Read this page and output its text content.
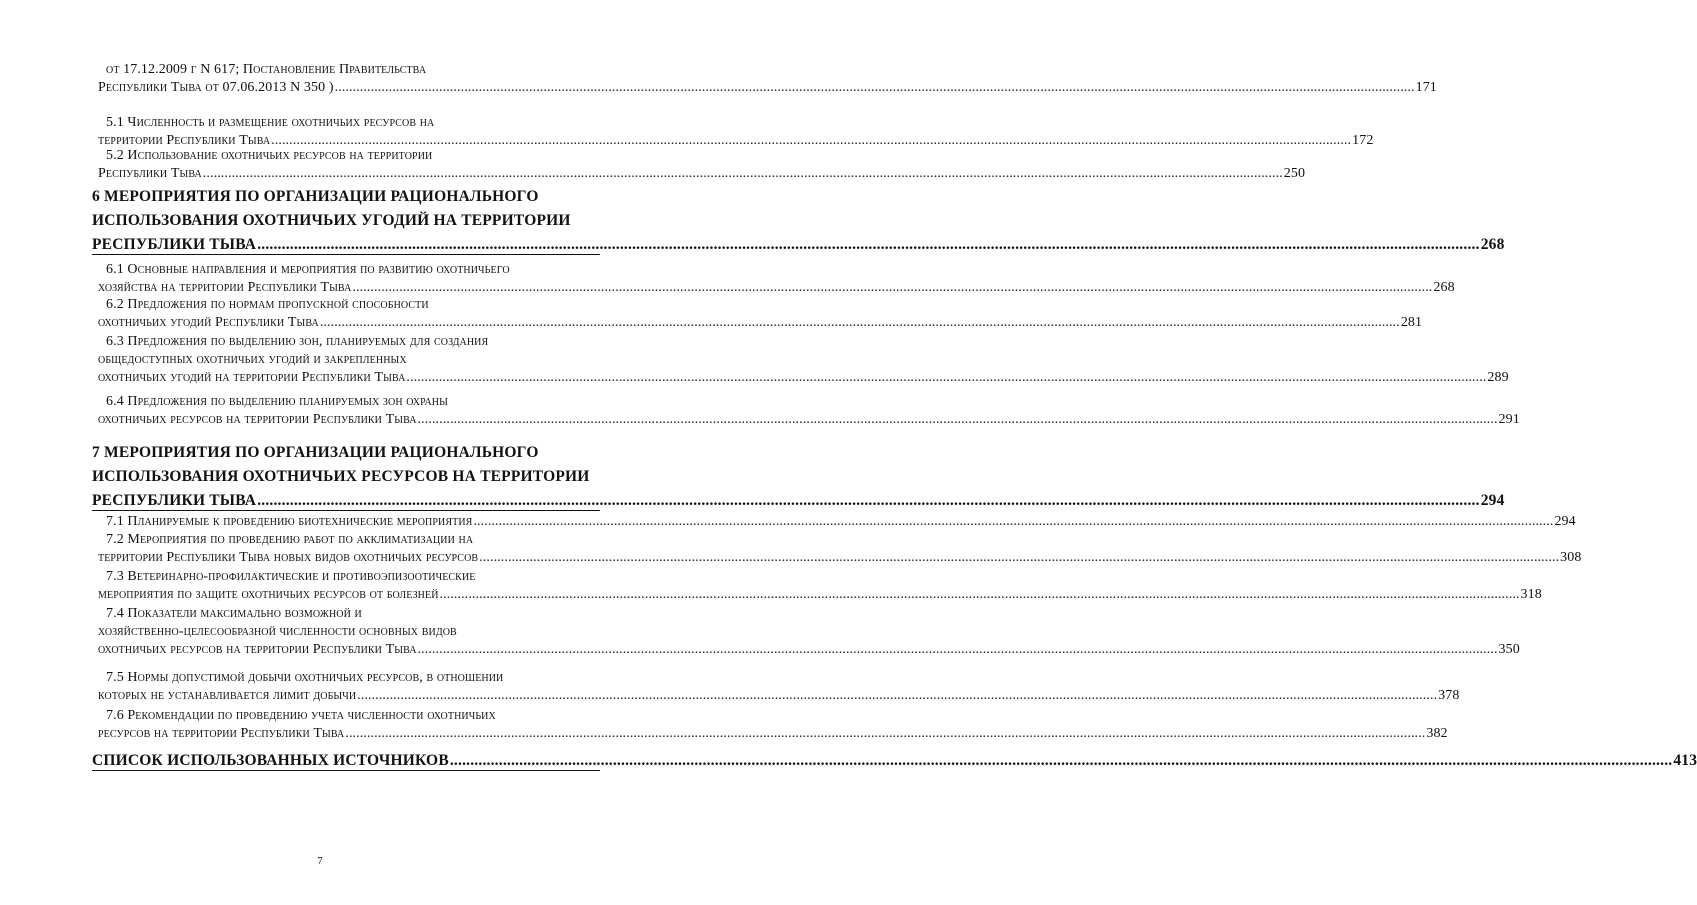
от 17.12.2009 г N 617; Постановление Правительства
Республики Тыва от 07.06.2013 N 350 ) ............................................................................................................................................................................................................................................................................................................ 171
5.1 Численность и размещение охотничьих ресурсов на
территории Республики Тыва ............................................................................................................................................................................................................................................................................................................ 172
5.2 Использование охотничьих ресурсов на территории
Республики Тыва ............................................................................................................................................................................................................................................................................................................ 250
6 МЕРОПРИЯТИЯ ПО ОРГАНИЗАЦИИ РАЦИОНАЛЬНОГО
ИСПОЛЬЗОВАНИЯ ОХОТНИЧЬИХ УГОДИЙ НА ТЕРРИТОРИИ
РЕСПУБЛИКИ ТЫВА ............................................................................................................................................................................................................................................................................................................ 268
6.1 Основные направления и мероприятия по развитию охотничьего
хозяйства на территории Республики Тыва ............................................................................................................................................................................................................................................................................................................ 268
6.2 Предложения по нормам пропускной способности
охотничьих угодий Республики Тыва ............................................................................................................................................................................................................................................................................................................ 281
6.3 Предложения по выделению зон, планируемых для создания
общедоступных охотничьих угодий и закрепленных
охотничьих угодий на территории Республики Тыва ............................................................................................................................................................................................................................................................................................................ 289
6.4 Предложения по выделению планируемых зон охраны
охотничьих ресурсов на территории Республики Тыва ............................................................................................................................................................................................................................................................................................................ 291
7 МЕРОПРИЯТИЯ ПО ОРГАНИЗАЦИИ РАЦИОНАЛЬНОГО
ИСПОЛЬЗОВАНИЯ ОХОТНИЧЬИХ РЕСУРСОВ НА ТЕРРИТОРИИ
РЕСПУБЛИКИ ТЫВА ............................................................................................................................................................................................................................................................................................................ 294
7.1 Планируемые к проведению биотехнические мероприятия ............................................................................................................................................................................................................................................................................................................ 294
7.2 Мероприятия по проведению работ по акклиматизации на
территории Республики Тыва новых видов охотничьих ресурсов ............................................................................................................................................................................................................................................................................................................ 308
7.3 Ветеринарно-профилактические и противоэпизоотические
мероприятия по защите охотничьих ресурсов от болезней ............................................................................................................................................................................................................................................................................................................ 318
7.4 Показатели максимально возможной и
хозяйственно-целесообразной численности основных видов
охотничьих ресурсов на территории Республики Тыва ............................................................................................................................................................................................................................................................................................................ 350
7.5 Нормы допустимой добычи охотничьих ресурсов, в отношении
которых не устанавливается лимит добычи ............................................................................................................................................................................................................................................................................................................ 378
7.6 Рекомендации по проведению учета численности охотничьих
ресурсов на территории Республики Тыва ............................................................................................................................................................................................................................................................................................................ 382
СПИСОК ИСПОЛЬЗОВАННЫХ ИСТОЧНИКОВ ............................................................................................................................................................................................................................................................................................................ 413
7
